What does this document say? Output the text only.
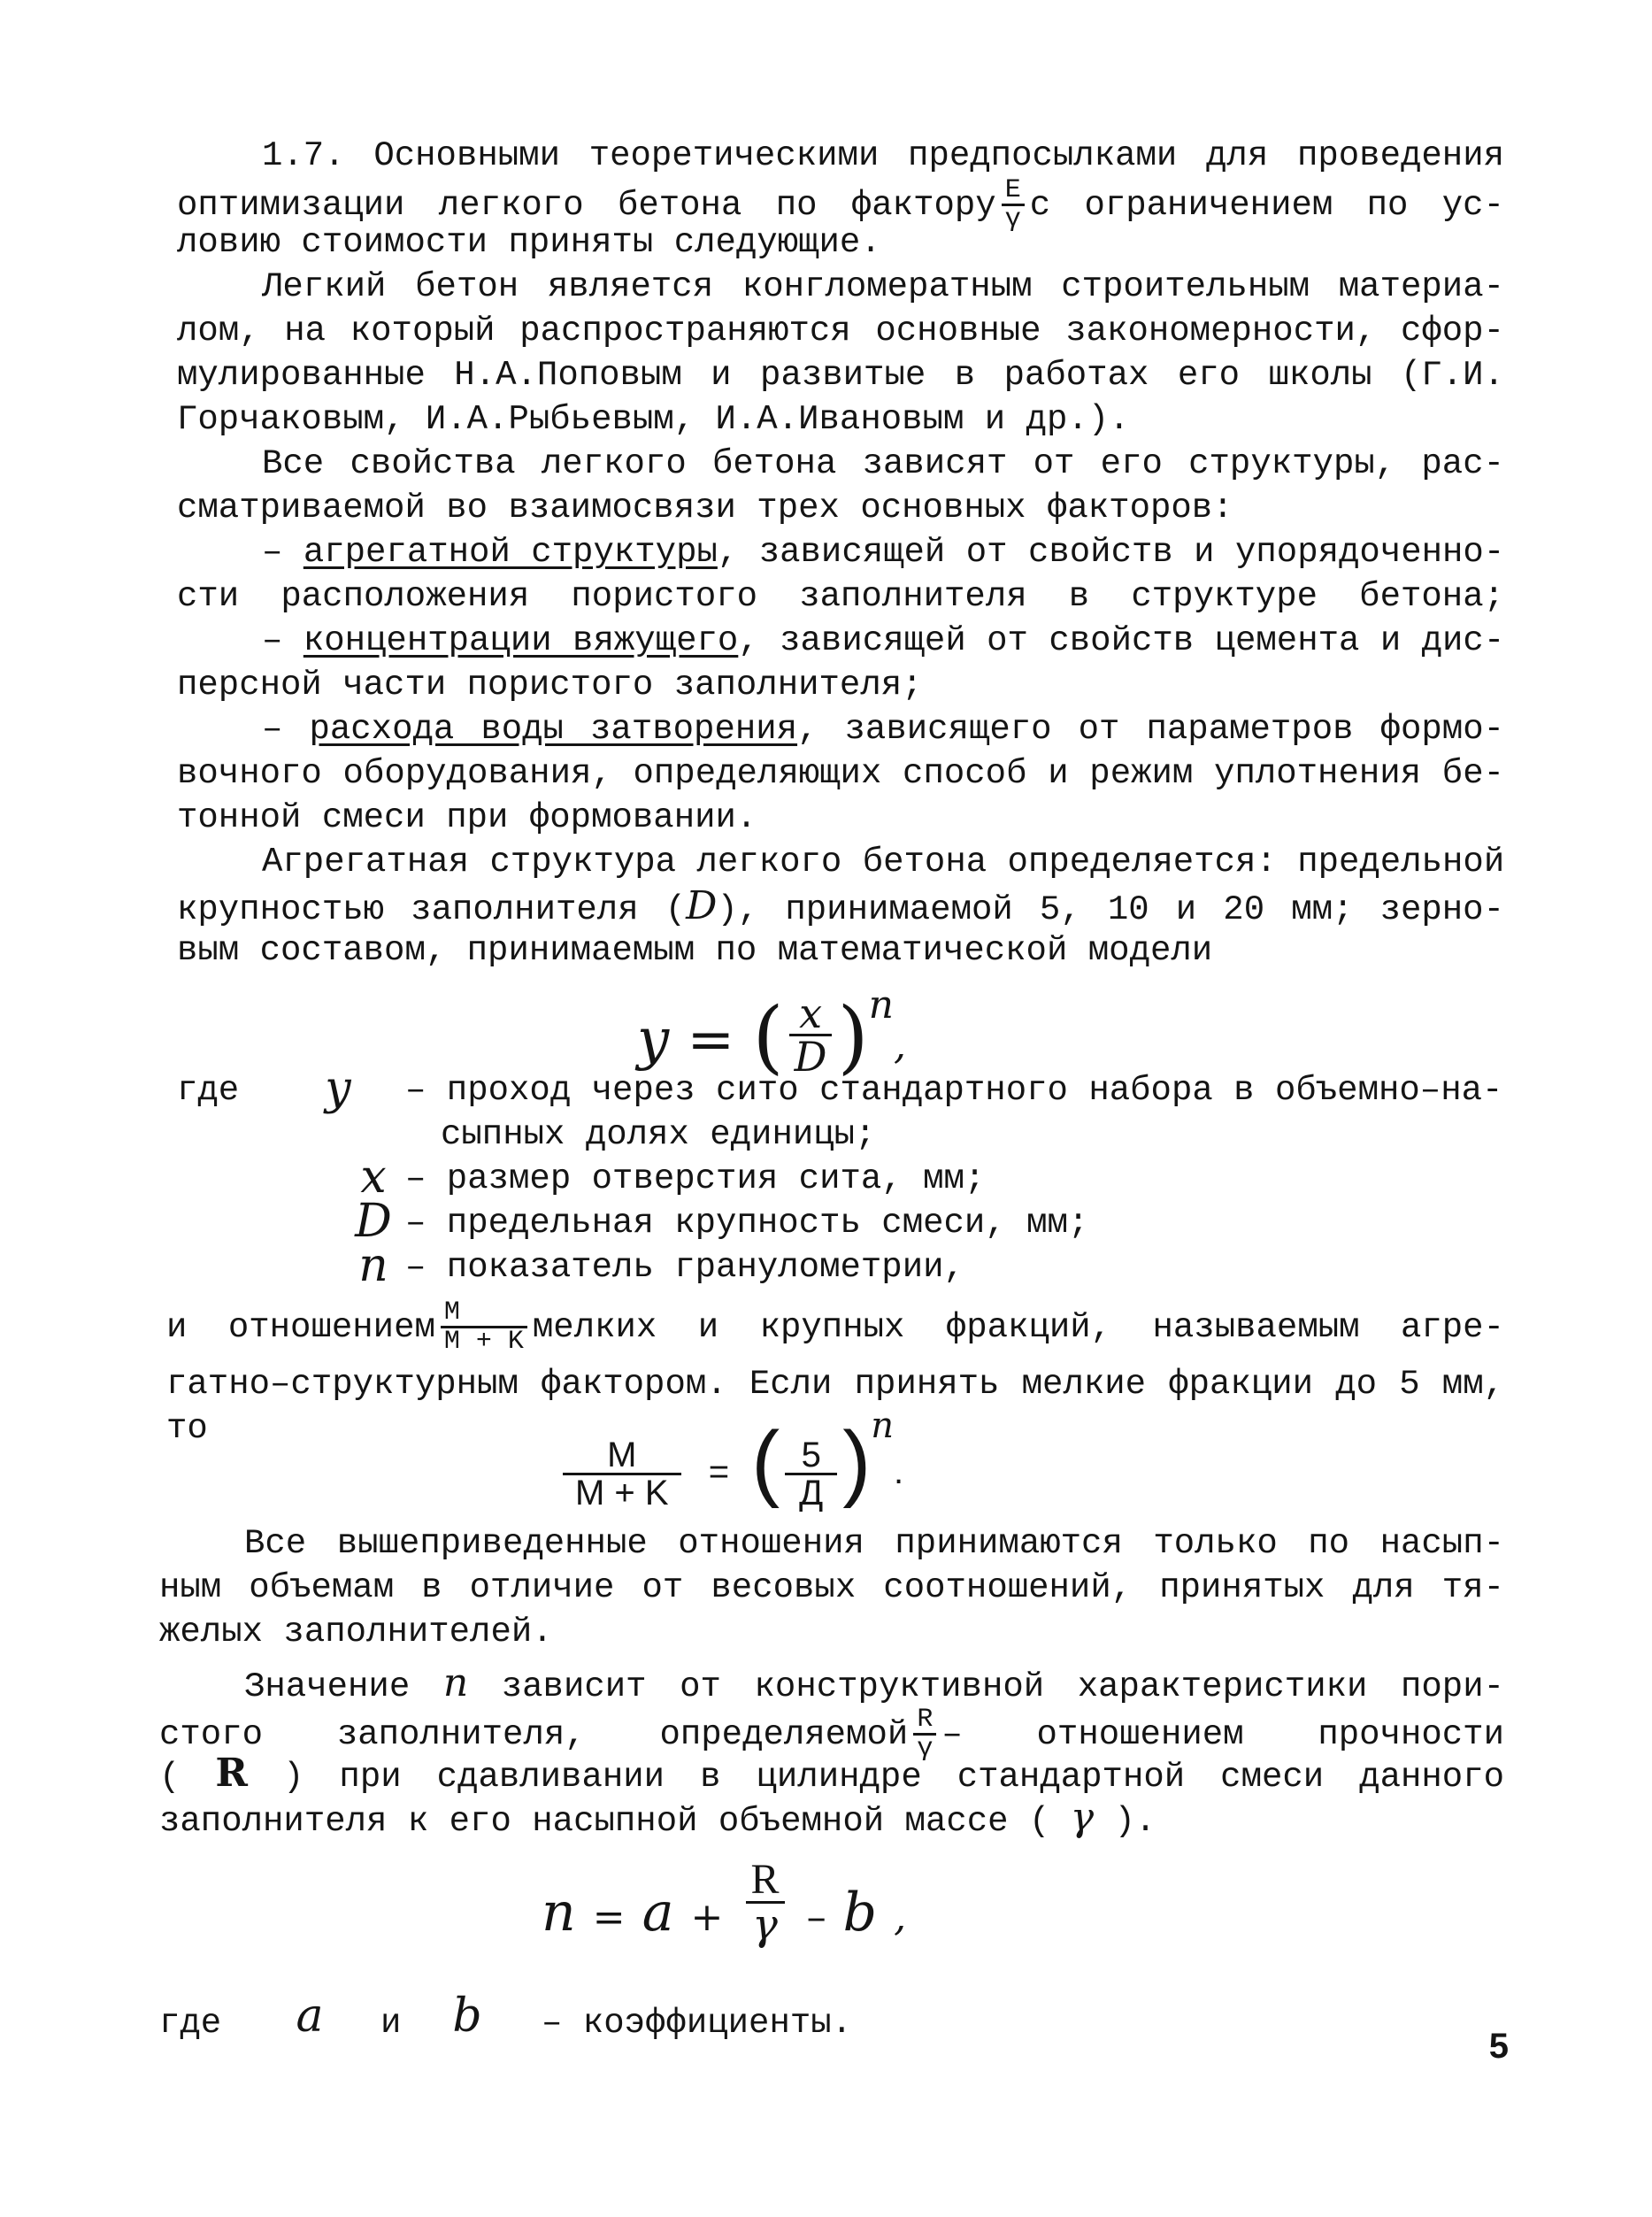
1.7. Основными теоретическими предпосылками для проведения

оптимизации легкого бетона по фактору $\frac{E}{\gamma}$ с ограничением по ус-

ловию стоимости приняты следующие.

Легкий бетон является конгломератным строительным материа-

лом, на который распространяются основные закономерности, сфор-

мулированные Н.А.Поповым и развитые в работах его школы (Г.И.

Горчаковым, И.А.Рыбьевым, И.А.Ивановым и др.).

Все свойства легкого бетона зависят от его структуры, рас-

сматриваемой во взаимосвязи трех основных факторов:

– агрегатной структуры, зависящей от свойств и упорядоченно-

сти расположения пористого заполнителя в структуре бетона;

– концентрации вяжущего, зависящей от свойств цемента и дис-

персной части пористого заполнителя;

– расхода воды затворения, зависящего от параметров формо-

вочного оборудования, определяющих способ и режим уплотнения бе-

тонной смеси при формовании.

Агрегатная структура легкого бетона определяется: предельной

крупностью заполнителя (D), принимаемой 5, 10 и 20 мм; зерно-

вым составом, принимаемым по математической модели

y = ( $\frac{x}{D} )^n$,
где y	– проход через сито стандартного набора в объемно–на-
сыпных долях единицы;
x – размер отверстия сита, мм;
D – предельная крупность смеси, мм;
n – показатель гранулометрии,

и отношением $\frac{M}{M + K}$ мелких и крупных фракций, называемым агре-

гатно–структурным фактором. Если принять мелкие фракции до 5 мм,

то

$\frac{M}{M + K}$ = ( $\frac{5}{Д} )^n$.

Все вышеприведенные отношения принимаются только по насып-

ным объемам в отличие от весовых соотношений, принятых для тя-

желых заполнителей.

Значение n зависит от конструктивной характеристики пори-

стого заполнителя, определяемой $\frac{R}{\gamma}$ – отношением прочности

( R ) при сдавливании в цилиндре стандартной смеси данного

заполнителя к его насыпной объемной массе ( γ ).

$n = a + \frac{R}{\gamma} - b$ ,
где a	и b	– коэффициенты.
5
